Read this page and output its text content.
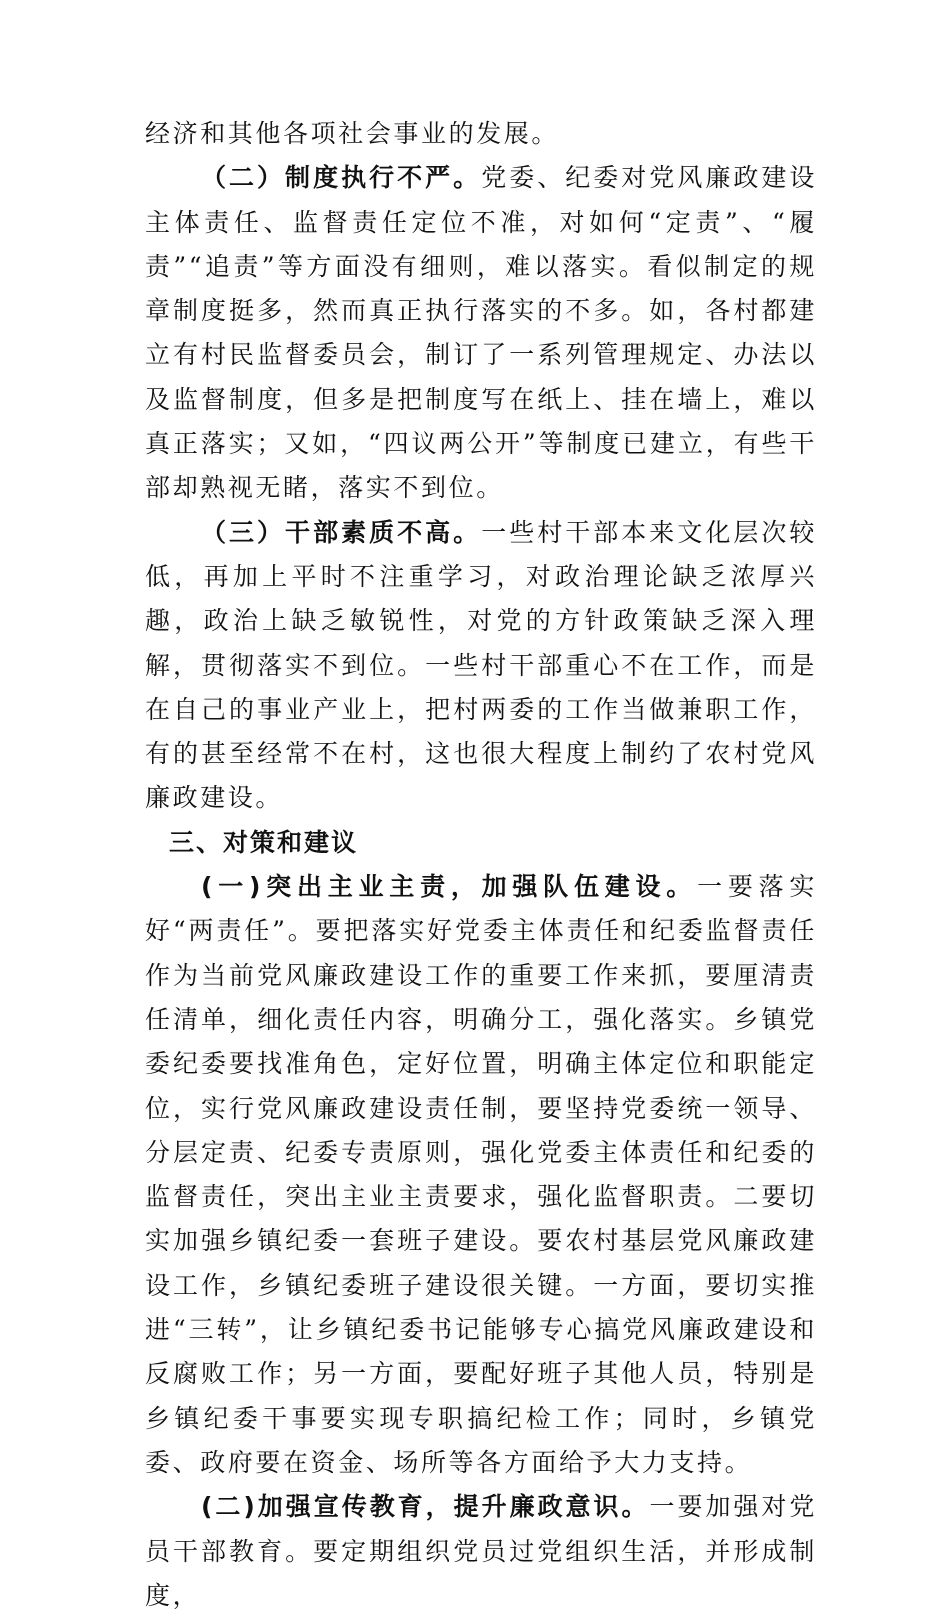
经济和其他各项社会事业的发展。

（二）制度执行不严。党委、纪委对党风廉政建设主体责任、监督责任定位不准，对如何“定责”、“履责”“追责”等方面没有细则，难以落实。看似制定的规章制度挺多，然而真正执行落实的不多。如，各村都建立有村民监督委员会，制订了一系列管理规定、办法以及监督制度，但多是把制度写在纸上、挂在墙上，难以真正落实；又如，“四议两公开”等制度已建立，有些干部却熟视无睹，落实不到位。

（三）干部素质不高。一些村干部本来文化层次较低，再加上平时不注重学习，对政治理论缺乏浓厚兴趣，政治上缺乏敏锐性，对党的方针政策缺乏深入理解，贯彻落实不到位。一些村干部重心不在工作，而是在自己的事业产业上，把村两委的工作当做兼职工作，有的甚至经常不在村，这也很大程度上制约了农村党风廉政建设。

三、对策和建议

(一)突出主业主责，加强队伍建设。一要落实好“两责任”。要把落实好党委主体责任和纪委监督责任作为当前党风廉政建设工作的重要工作来抓，要厘清责任清单，细化责任内容，明确分工，强化落实。乡镇党委纪委要找准角色，定好位置，明确主体定位和职能定位，实行党风廉政建设责任制，要坚持党委统一领导、分层定责、纪委专责原则，强化党委主体责任和纪委的监督责任，突出主业主责要求，强化监督职责。二要切实加强乡镇纪委一套班子建设。要农村基层党风廉政建设工作，乡镇纪委班子建设很关键。一方面，要切实推进“三转”，让乡镇纪委书记能够专心搞党风廉政建设和反腐败工作；另一方面，要配好班子其他人员，特别是乡镇纪委干事要实现专职搞纪检工作；同时，乡镇党委、政府要在资金、场所等各方面给予大力支持。

(二)加强宣传教育，提升廉政意识。一要加强对党员干部教育。要定期组织党员过党组织生活，并形成制度，
